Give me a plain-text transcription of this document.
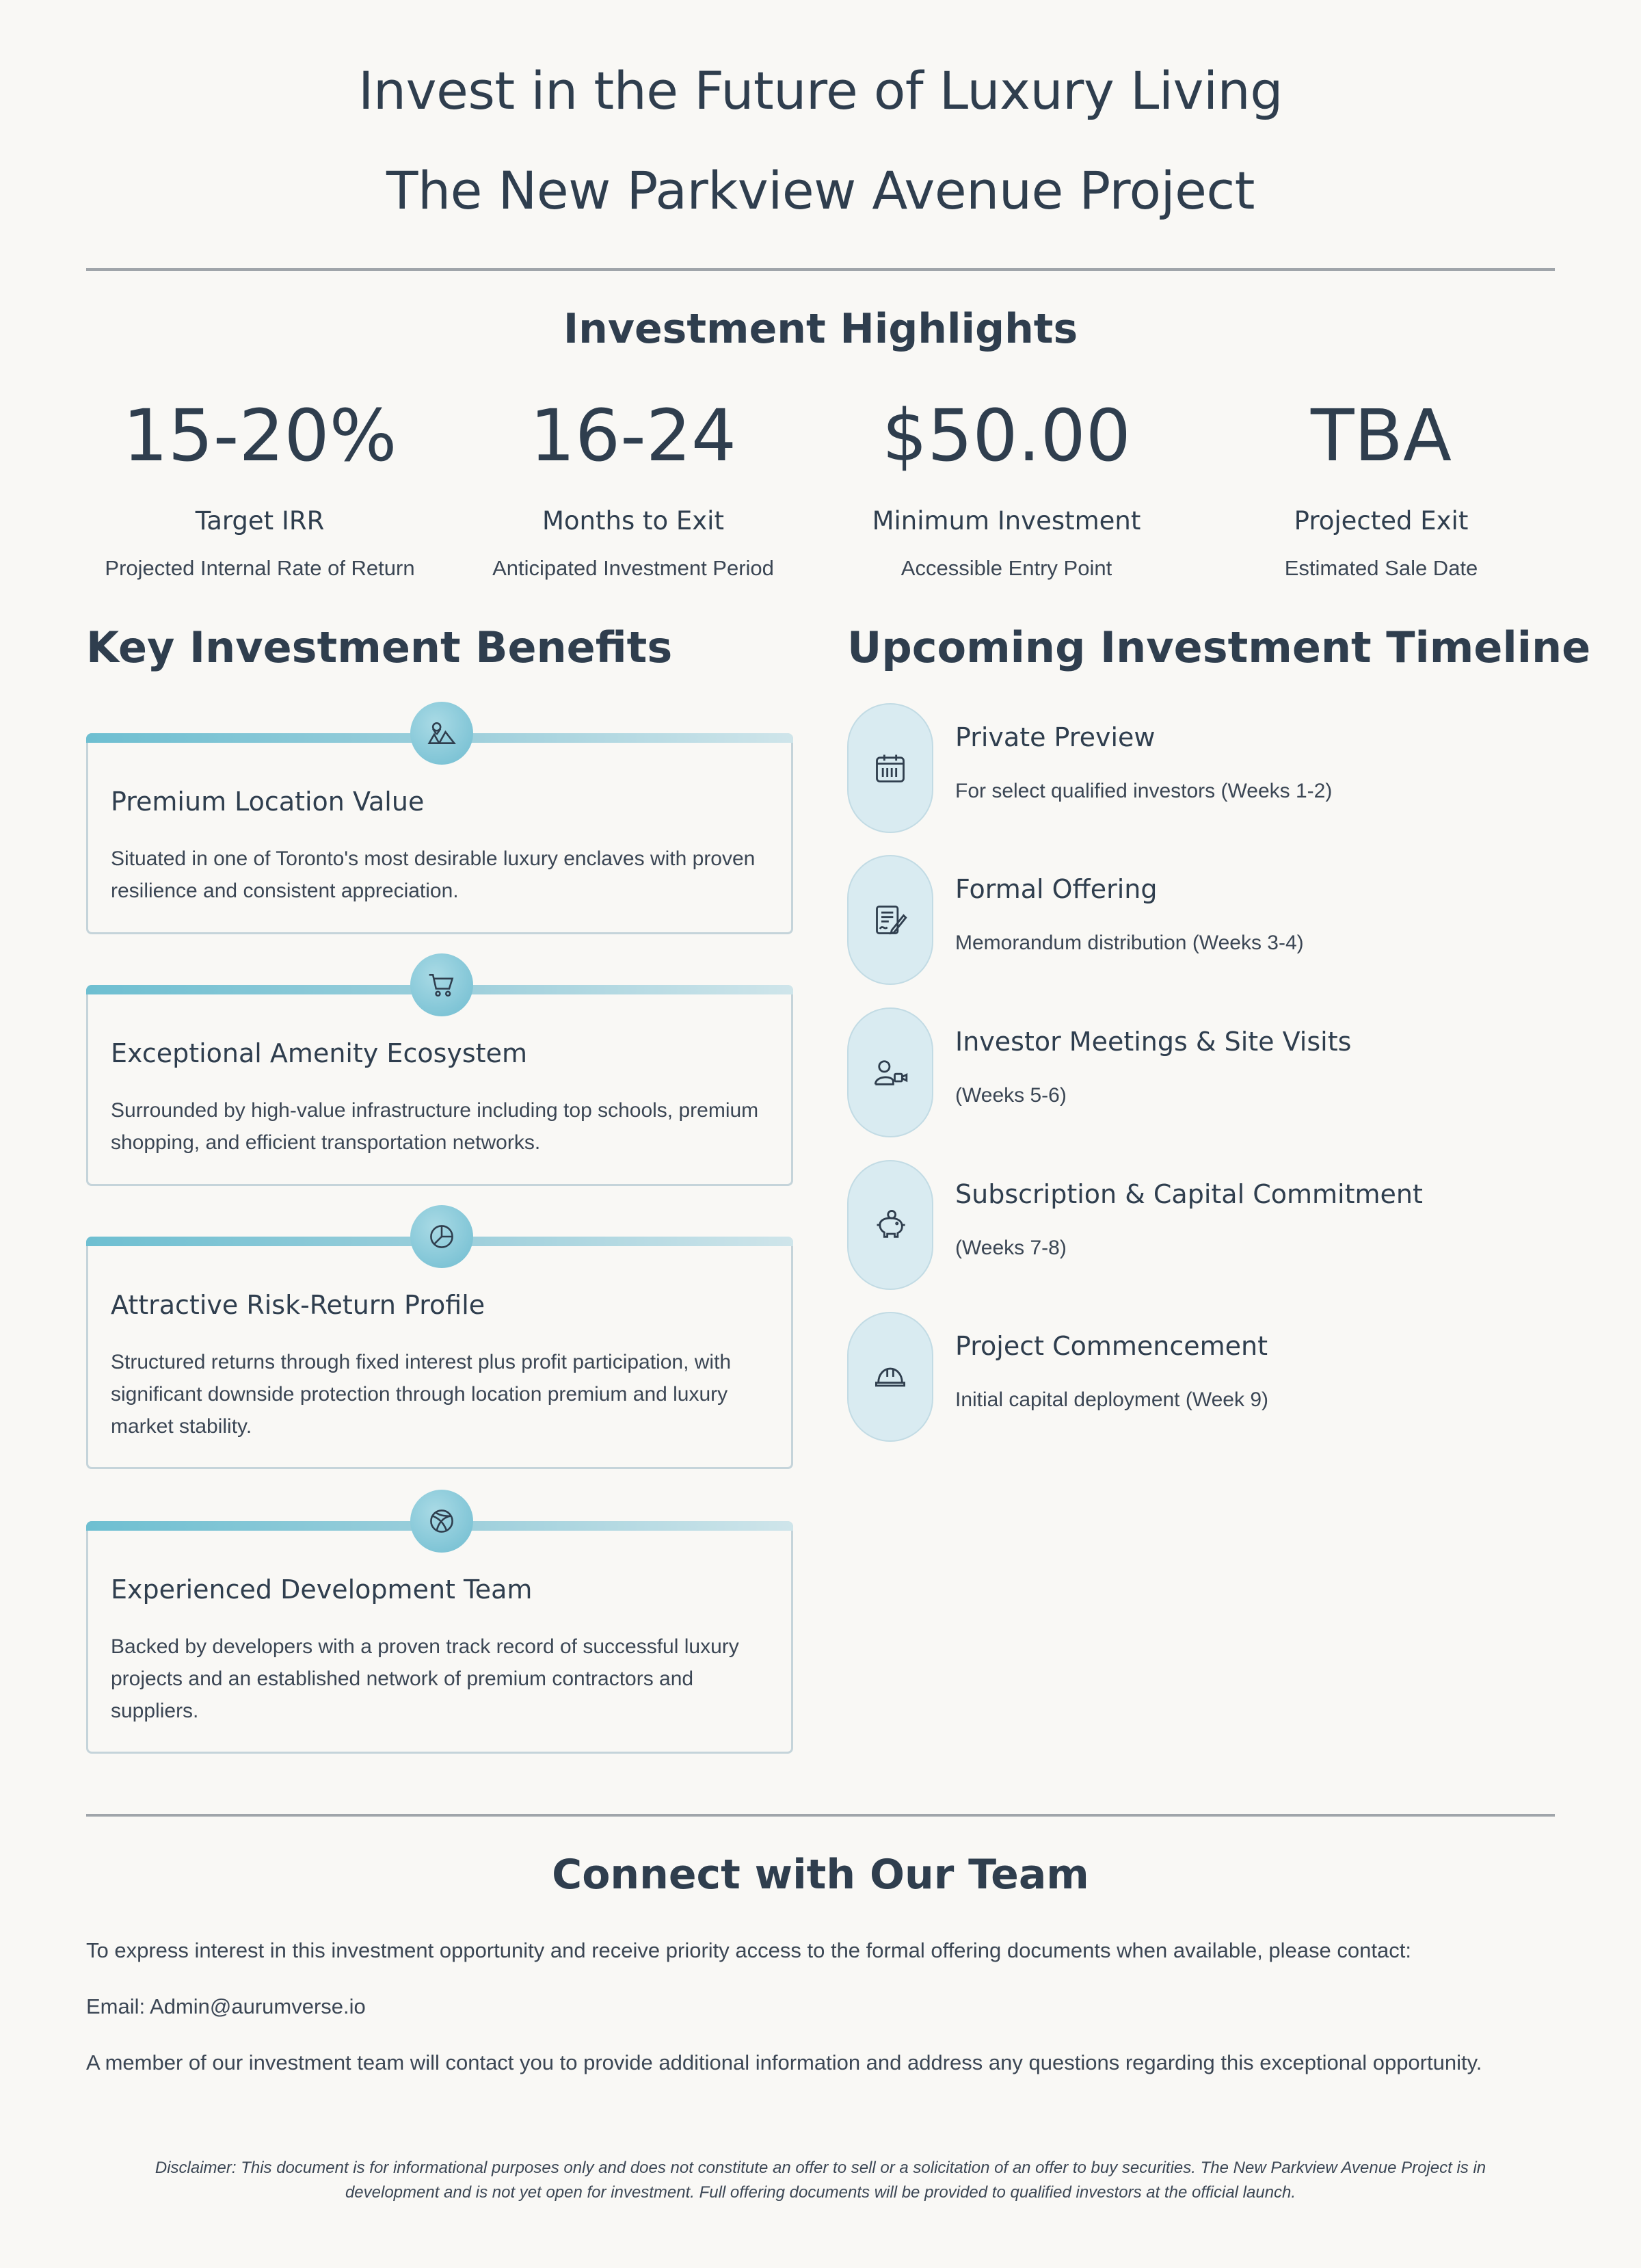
Invest in the Future of Luxury Living
The New Parkview Avenue Project
Investment Highlights
15-20%
Target IRR
Projected Internal Rate of Return
16-24
Months to Exit
Anticipated Investment Period
$50.00
Minimum Investment
Accessible Entry Point
TBA
Projected Exit
Estimated Sale Date
Key Investment Benefits	Upcoming Investment Timeline
Premium Location Value
Situated in one of Toronto's most desirable luxury enclaves with proven resilience and consistent appreciation.
Exceptional Amenity Ecosystem
Surrounded by high-value infrastructure including top schools, premium shopping, and efficient transportation networks.
Attractive Risk-Return Profile
Structured returns through fixed interest plus profit participation, with significant downside protection through location premium and luxury market stability.
Experienced Development Team
Backed by developers with a proven track record of successful luxury projects and an established network of premium contractors and suppliers.
Private Preview
For select qualified investors (Weeks 1-2)
Formal Offering
Memorandum distribution (Weeks 3-4)
Investor Meetings & Site Visits
(Weeks 5-6)
Subscription & Capital Commitment
(Weeks 7-8)
Project Commencement
Initial capital deployment (Week 9)
Connect with Our Team

To express interest in this investment opportunity and receive priority access to the formal offering documents when available, please contact:

Email: Admin@aurumverse.io

A member of our investment team will contact you to provide additional information and address any questions regarding this exceptional opportunity.

Disclaimer: This document is for informational purposes only and does not constitute an offer to sell or a solicitation of an offer to buy securities. The New Parkview Avenue Project is in development and is not yet open for investment. Full offering documents will be provided to qualified investors at the official launch.
